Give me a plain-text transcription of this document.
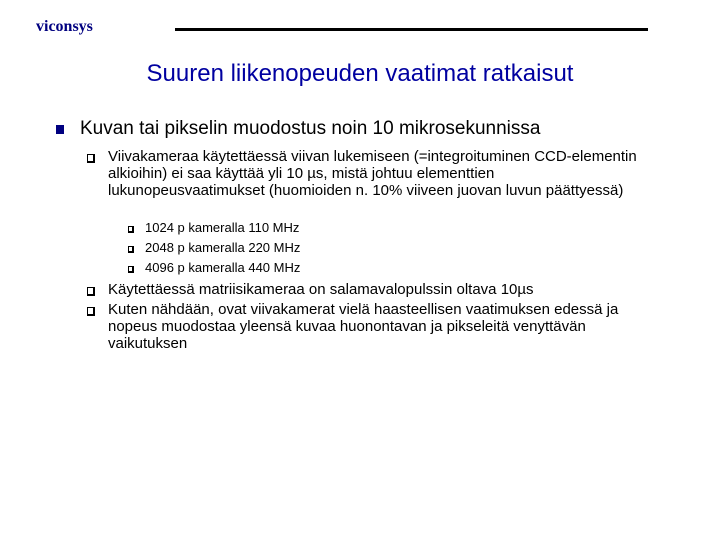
viconsys
Suuren liikenopeuden vaatimat ratkaisut
Kuvan tai pikselin muodostus noin 10 mikrosekunnissa
Viivakameraa käytettäessä viivan lukemiseen (=integroituminen CCD-elementin alkioihin) ei saa käyttää yli 10 µs, mistä johtuu elementtien lukunopeusvaatimukset (huomioiden n. 10% viiveen juovan luvun päättyessä)
1024 p kameralla 110 MHz
2048 p kameralla 220 MHz
4096 p kameralla 440 MHz
Käytettäessä matriisikameraa on salamavalopulssin oltava 10µs
Kuten nähdään, ovat viivakamerat vielä haasteellisen vaatimuksen edessä ja nopeus muodostaa yleensä kuvaa huonontavan ja pikseleitä venyttävän vaikutuksen
